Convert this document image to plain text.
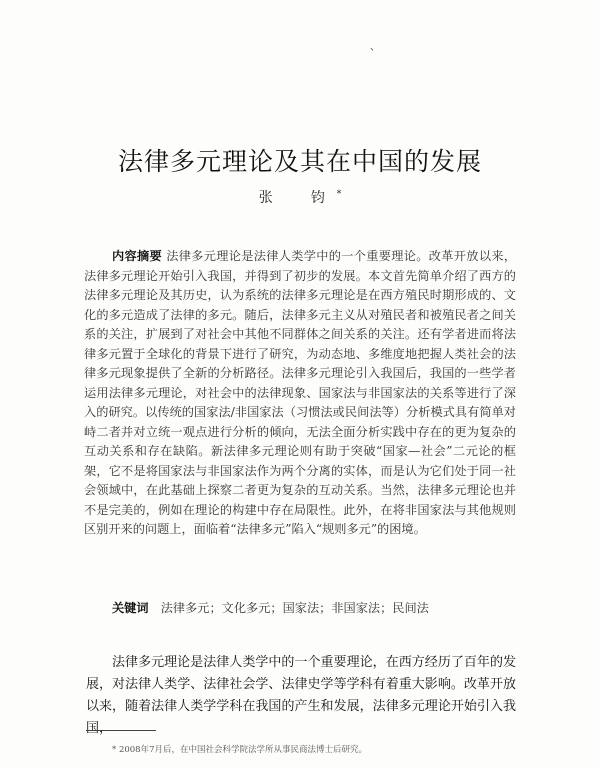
、
法律多元理论及其在中国的发展
张　钧*
内容摘要 法律多元理论是法律人类学中的一个重要理论。改革开放以来，法律多元理论开始引入我国，并得到了初步的发展。本文首先简单介绍了西方的法律多元理论及其历史，认为系统的法律多元理论是在西方殖民时期形成的、文化的多元造成了法律的多元。随后，法律多元主义从对殖民者和被殖民者之间关系的关注，扩展到了对社会中其他不同群体之间关系的关注。还有学者进而将法律多元置于全球化的背景下进行了研究，为动态地、多维度地把握人类社会的法律多元现象提供了全新的分析路径。法律多元理论引入我国后，我国的一些学者运用法律多元理论，对社会中的法律现象、国家法与非国家法的关系等进行了深入的研究。以传统的国家法/非国家法（习惯法或民间法等）分析模式具有简单对峙二者并对立统一观点进行分析的倾向，无法全面分析实践中存在的更为复杂的互动关系和存在缺陷。新法律多元理论则有助于突破“国家—社会”二元论的框架，它不是将国家法与非国家法作为两个分离的实体，而是认为它们处于同一社会领域中，在此基础上探察二者更为复杂的互动关系。当然，法律多元理论也并不是完美的，例如在理论的构建中存在局限性。此外，在将非国家法与其他规则区别开来的问题上，面临着“法律多元”陷入“规则多元”的困境。
关键词　 法律多元；文化多元；国家法；非国家法；民间法
法律多元理论是法律人类学中的一个重要理论，在西方经历了百年的发展，对法律人类学、法律社会学、法律史学等学科有着重大影响。改革开放以来，随着法律人类学学科在我国的产生和发展，法律多元理论开始引入我国，
* 2008年7月后，在中国社会科学院法学所从事民商法博士后研究。
